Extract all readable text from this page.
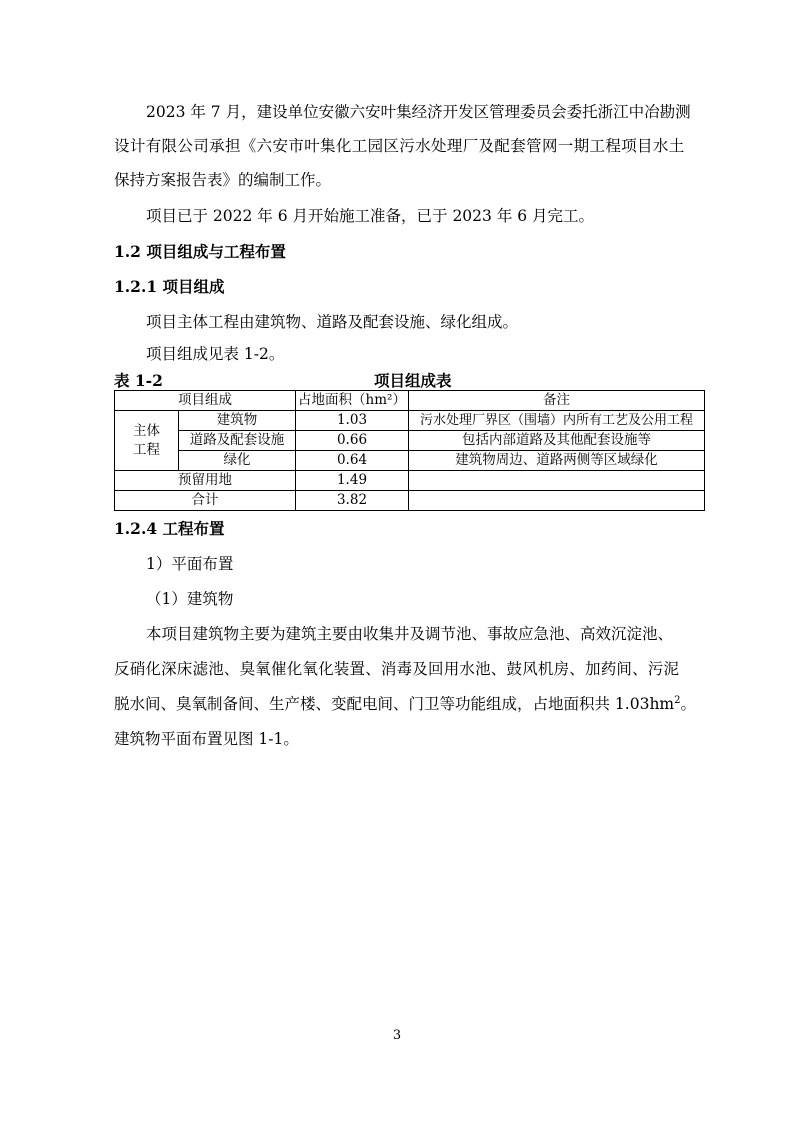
2023 年 7 月，建设单位安徽六安叶集经济开发区管理委员会委托浙江中冶勘测
设计有限公司承担《六安市叶集化工园区污水处理厂及配套管网一期工程项目水土
保持方案报告表》的编制工作。
项目已于 2022 年 6 月开始施工准备，已于 2023 年 6 月完工。
1.2 项目组成与工程布置
1.2.1 项目组成
项目主体工程由建筑物、道路及配套设施、绿化组成。
项目组成见表 1-2。
表 1-2	项目组成表
项目组成		占地面积（hm²）	备注
主体
工程	建筑物	1.03	污水处理厂界区（围墙）内所有工艺及公用工程
	道路及配套设施	0.66	包括内部道路及其他配套设施等
	绿化	0.64	建筑物周边、道路两侧等区域绿化
预留用地		1.49	
合计		3.82	
1.2.4 工程布置
1）平面布置
（1）建筑物
本项目建筑物主要为建筑主要由收集井及调节池、事故应急池、高效沉淀池、
反硝化深床滤池、臭氧催化氧化装置、消毒及回用水池、鼓风机房、加药间、污泥
脱水间、臭氧制备间、生产楼、变配电间、门卫等功能组成，占地面积共 $1.03hm^2$。
建筑物平面布置见图 1-1。
3
